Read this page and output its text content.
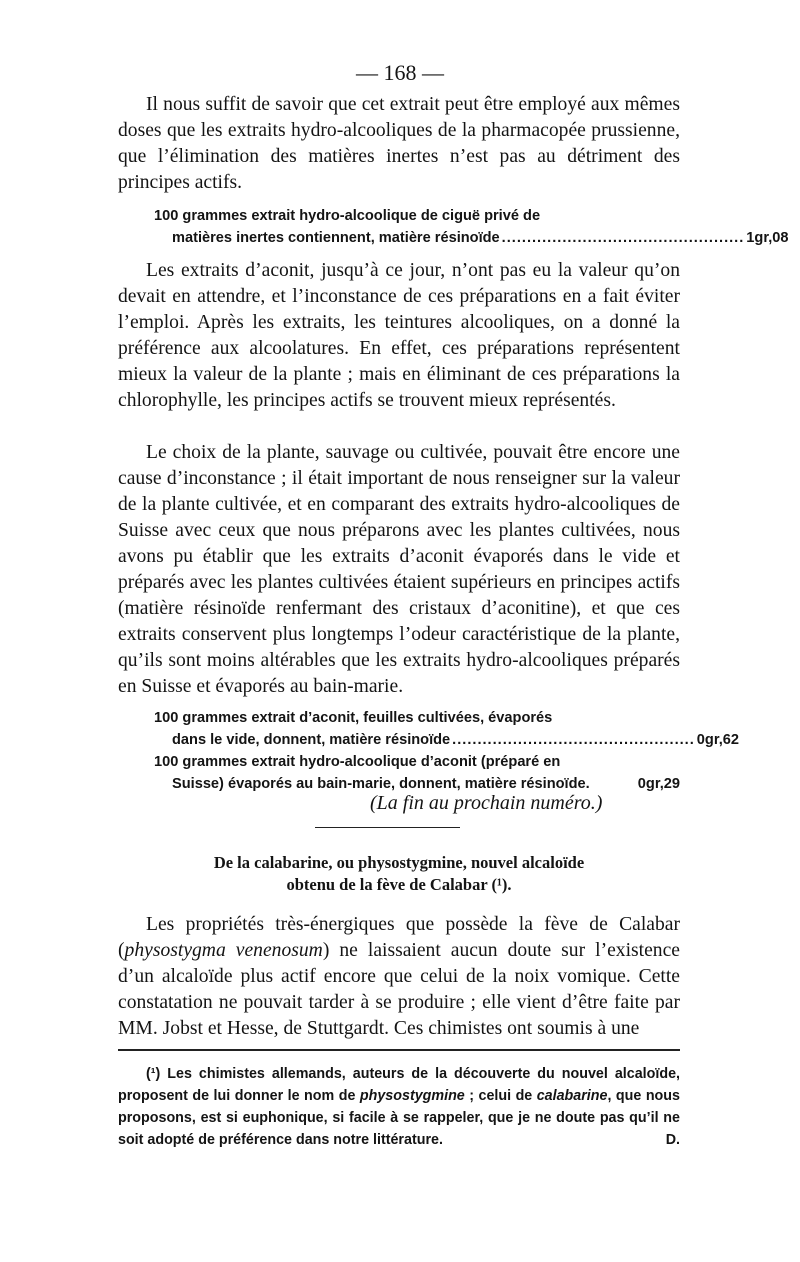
— 168 —

Il nous suffit de savoir que cet extrait peut être employé aux mêmes doses que les extraits hydro-alcooliques de la pharmacopée prussienne, que l’élimination des matières inertes n’est pas au détriment des principes actifs.

100 grammes extrait hydro-alcoolique de ciguë privé de
matières inertes contiennent, matière résinoïde ................................................ 1gr,08

Les extraits d’aconit, jusqu’à ce jour, n’ont pas eu la valeur qu’on devait en attendre, et l’inconstance de ces préparations en a fait éviter l’emploi. Après les extraits, les teintures alcooliques, on a donné la préférence aux alcoolatures. En effet, ces préparations représentent mieux la valeur de la plante ; mais en éliminant de ces préparations la chlorophylle, les principes actifs se trouvent mieux représentés.

Le choix de la plante, sauvage ou cultivée, pouvait être encore une cause d’inconstance ; il était important de nous renseigner sur la valeur de la plante cultivée, et en comparant des extraits hydro-alcooliques de Suisse avec ceux que nous préparons avec les plantes cultivées, nous avons pu établir que les extraits d’aconit évaporés dans le vide et préparés avec les plantes cultivées étaient supérieurs en principes actifs (matière résinoïde renfermant des cristaux d’aconitine), et que ces extraits conservent plus longtemps l’odeur caractéristique de la plante, qu’ils sont moins altérables que les extraits hydro-alcooliques préparés en Suisse et évaporés au bain-marie.

100 grammes extrait d’aconit, feuilles cultivées, évaporés
dans le vide, donnent, matière résinoïde ................................................ 0gr,62
100 grammes extrait hydro-alcoolique d’aconit (préparé en
Suisse) évaporés au bain-marie, donnent, matière résinoïde.	0gr,29
(La fin au prochain numéro.)
De la calabarine, ou physostygmine, nouvel alcaloïde
obtenu de la fève de Calabar (¹).

Les propriétés très-énergiques que possède la fève de Calabar (physostygma venenosum) ne laissaient aucun doute sur l’existence d’un alcaloïde plus actif encore que celui de la noix vomique. Cette constatation ne pouvait tarder à se produire ; elle vient d’être faite par MM. Jobst et Hesse, de Stuttgardt. Ces chimistes ont soumis à une

(¹) Les chimistes allemands, auteurs de la découverte du nouvel alcaloïde, proposent de lui donner le nom de physostygmine ; celui de calabarine, que nous proposons, est si euphonique, si facile à se rappeler, que je ne doute pas qu’il ne soit adopté de préférence dans notre littérature.	D.
